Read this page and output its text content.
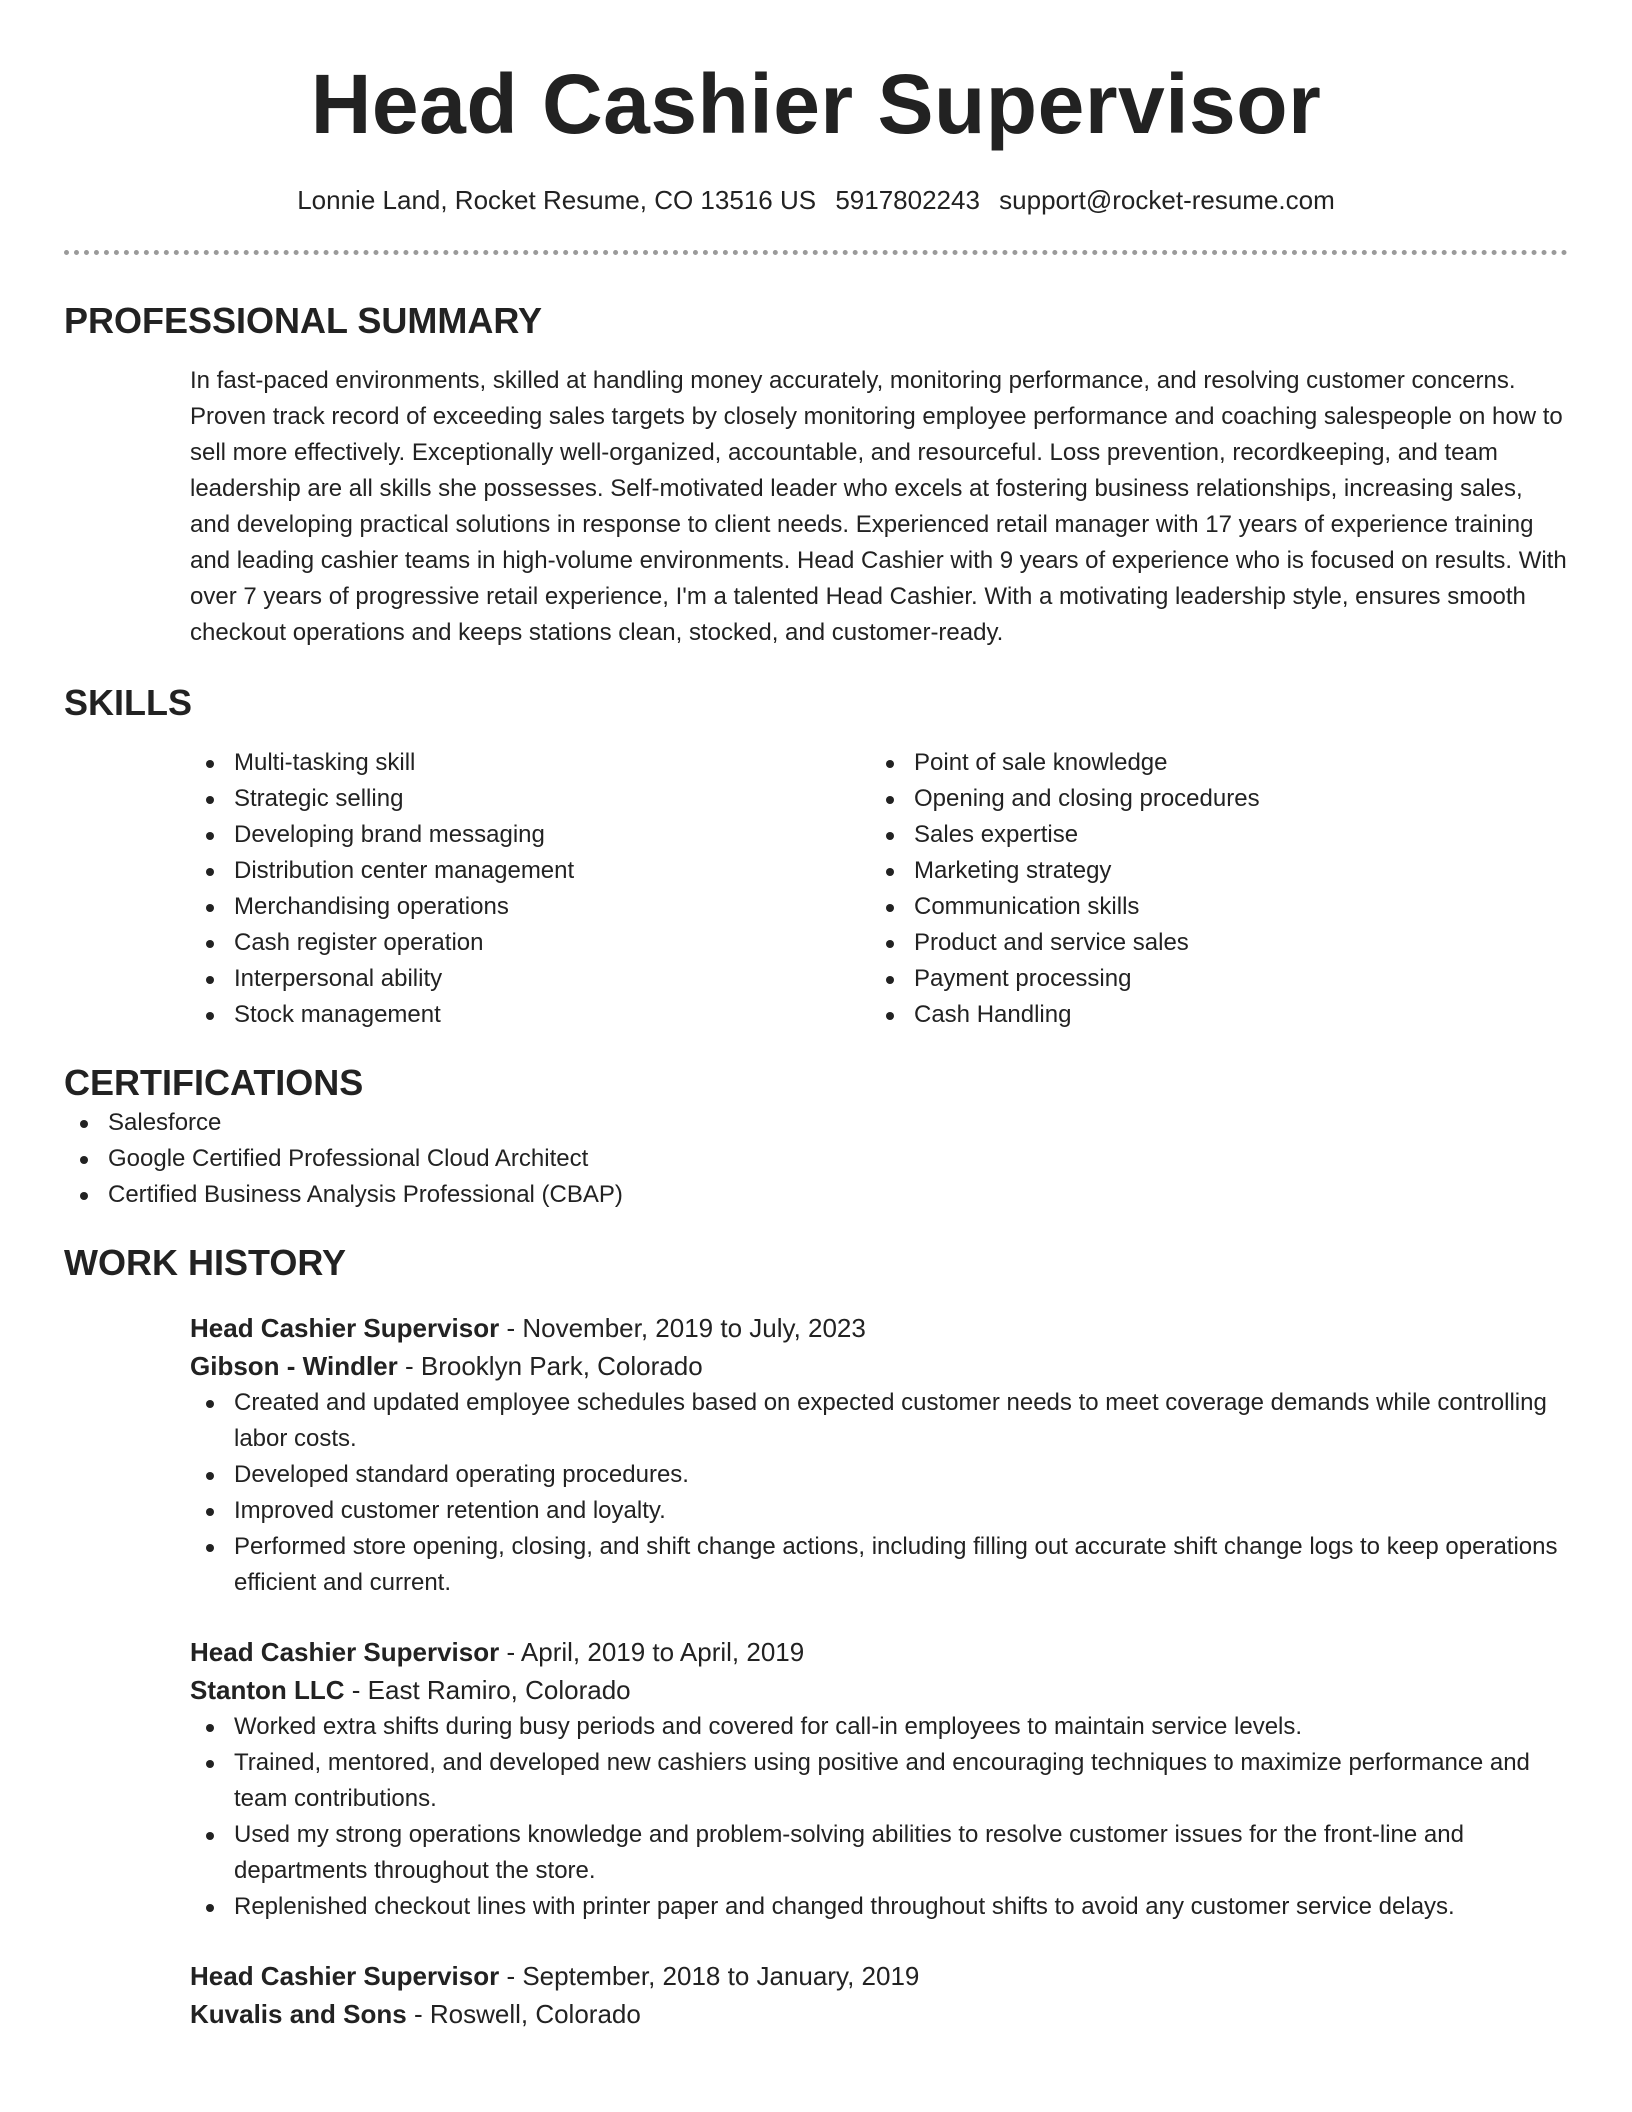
Head Cashier Supervisor
Lonnie Land, Rocket Resume, CO 13516 US 5917802243 support@rocket-resume.com
PROFESSIONAL SUMMARY

In fast-paced environments, skilled at handling money accurately, monitoring performance, and resolving customer concerns. Proven track record of exceeding sales targets by closely monitoring employee performance and coaching salespeople on how to sell more effectively. Exceptionally well-organized, accountable, and resourceful. Loss prevention, recordkeeping, and team leadership are all skills she possesses. Self-motivated leader who excels at fostering business relationships, increasing sales, and developing practical solutions in response to client needs. Experienced retail manager with 17 years of experience training and leading cashier teams in high-volume environments. Head Cashier with 9 years of experience who is focused on results. With over 7 years of progressive retail experience, I'm a talented Head Cashier. With a motivating leadership style, ensures smooth checkout operations and keeps stations clean, stocked, and customer-ready.

SKILLS
Multi-tasking skill
Strategic selling
Developing brand messaging
Distribution center management
Merchandising operations
Cash register operation
Interpersonal ability
Stock management
Point of sale knowledge
Opening and closing procedures
Sales expertise
Marketing strategy
Communication skills
Product and service sales
Payment processing
Cash Handling
CERTIFICATIONS
Salesforce
Google Certified Professional Cloud Architect
Certified Business Analysis Professional (CBAP)
WORK HISTORY
Head Cashier Supervisor - November, 2019 to July, 2023
Gibson - Windler - Brooklyn Park, Colorado
Created and updated employee schedules based on expected customer needs to meet coverage demands while controlling labor costs.
Developed standard operating procedures.
Improved customer retention and loyalty.
Performed store opening, closing, and shift change actions, including filling out accurate shift change logs to keep operations efficient and current.
Head Cashier Supervisor - April, 2019 to April, 2019
Stanton LLC - East Ramiro, Colorado
Worked extra shifts during busy periods and covered for call-in employees to maintain service levels.
Trained, mentored, and developed new cashiers using positive and encouraging techniques to maximize performance and team contributions.
Used my strong operations knowledge and problem-solving abilities to resolve customer issues for the front-line and departments throughout the store.
Replenished checkout lines with printer paper and changed throughout shifts to avoid any customer service delays.
Head Cashier Supervisor - September, 2018 to January, 2019
Kuvalis and Sons - Roswell, Colorado
